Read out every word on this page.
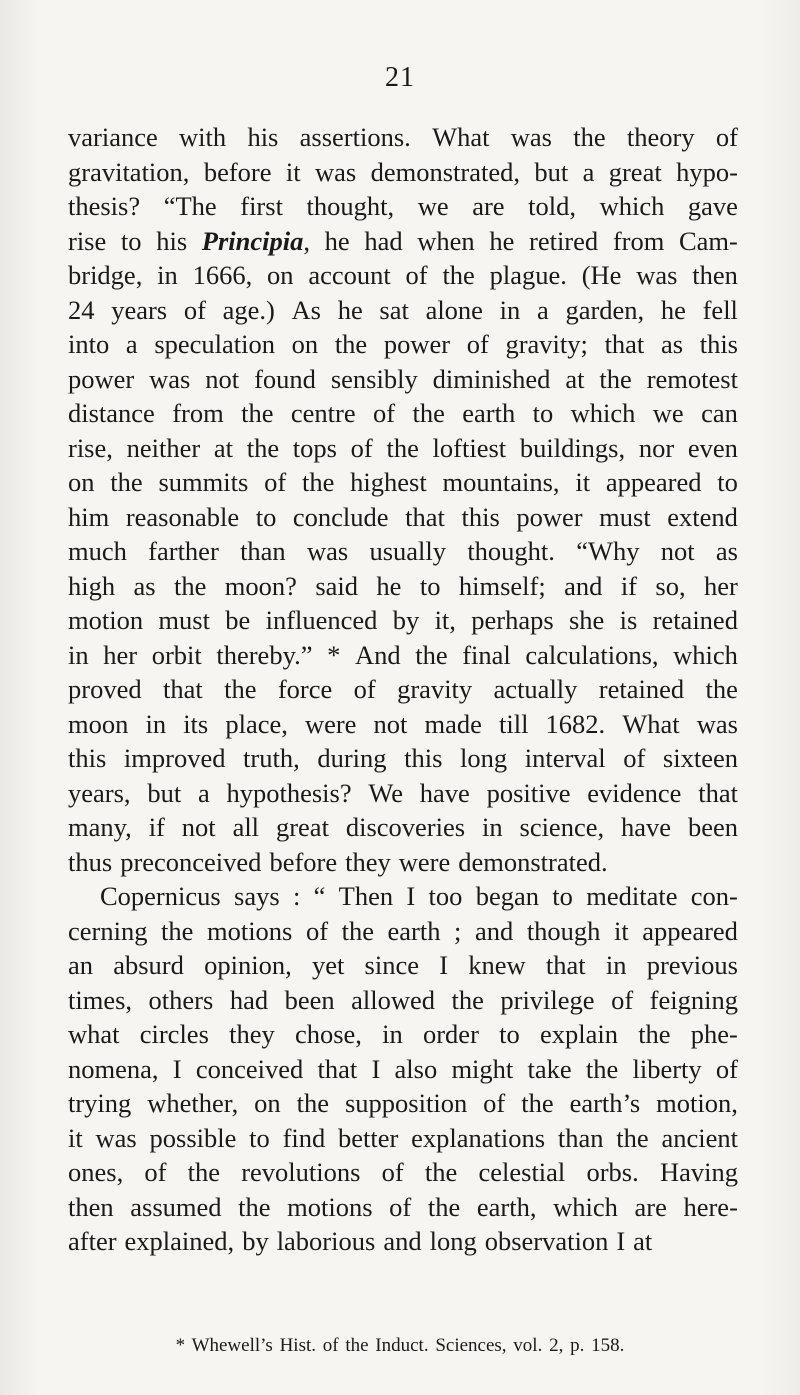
21
variance with his assertions. What was the theory of
gravitation, before it was demonstrated, but a great hypo-
thesis? “The first thought, we are told, which gave
rise to his Principia, he had when he retired from Cam-
bridge, in 1666, on account of the plague. (He was then
24 years of age.) As he sat alone in a garden, he fell
into a speculation on the power of gravity; that as this
power was not found sensibly diminished at the remotest
distance from the centre of the earth to which we can
rise, neither at the tops of the loftiest buildings, nor even
on the summits of the highest mountains, it appeared to
him reasonable to conclude that this power must extend
much farther than was usually thought. “Why not as
high as the moon? said he to himself; and if so, her
motion must be influenced by it, perhaps she is retained
in her orbit thereby.” * And the final calculations, which
proved that the force of gravity actually retained the
moon in its place, were not made till 1682. What was
this improved truth, during this long interval of sixteen
years, but a hypothesis? We have positive evidence that
many, if not all great discoveries in science, have been
thus preconceived before they were demonstrated.
Copernicus says : “ Then I too began to meditate con-
cerning the motions of the earth ; and though it appeared
an absurd opinion, yet since I knew that in previous
times, others had been allowed the privilege of feigning
what circles they chose, in order to explain the phe-
nomena, I conceived that I also might take the liberty of
trying whether, on the supposition of the earth’s motion,
it was possible to find better explanations than the ancient
ones, of the revolutions of the celestial orbs. Having
then assumed the motions of the earth, which are here-
after explained, by laborious and long observation I at
* Whewell’s Hist. of the Induct. Sciences, vol. 2, p. 158.
